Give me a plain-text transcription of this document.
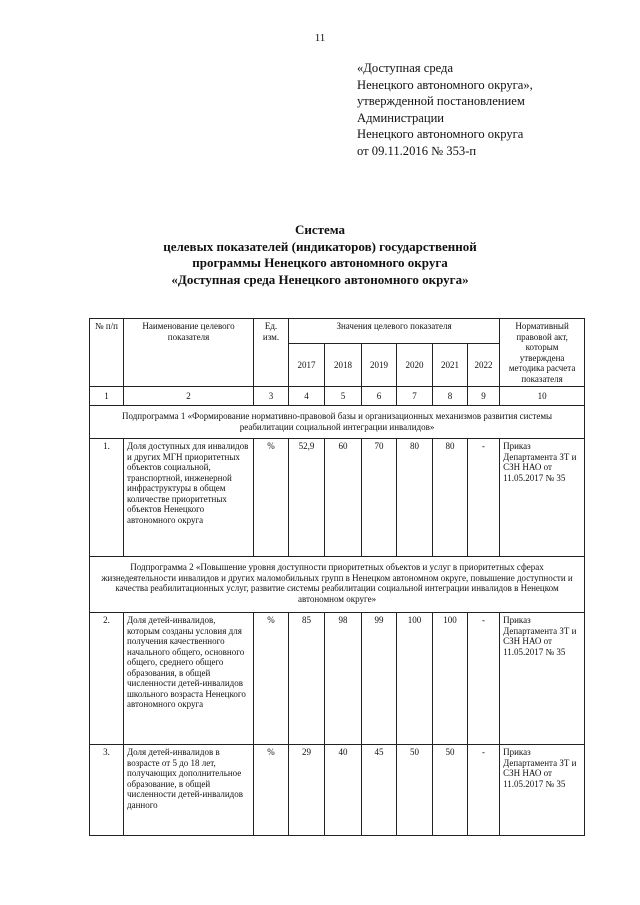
11
«Доступная среда
Ненецкого автономного округа»,
утвержденной постановлением
Администрации
Ненецкого автономного округа
от 09.11.2016 № 353-п
Система
целевых показателей (индикаторов) государственной
программы Ненецкого автономного округа
«Доступная среда Ненецкого автономного округа»
№ п/п	Наименование целевого показателя	Ед. изм.	Значения целевого показателя						Нормативный правовой акт, которым утверждена методика расчета показателя
			2017	2018	2019	2020	2021	2022	
1	2	3	4	5	6	7	8	9	10
Подпрограмма 1 «Формирование нормативно-правовой базы и организационных механизмов развития системы реабилитации социальной интеграции инвалидов»									
1.	Доля доступных для инвалидов и других МГН приоритетных объектов социальной, транспортной, инженерной инфраструктуры в общем количестве приоритетных объектов Ненецкого автономного округа	%	52,9	60	70	80	80	-	Приказ Департамента ЗТ и СЗН НАО от 11.05.2017 № 35
Подпрограмма 2 «Повышение уровня доступности приоритетных объектов и услуг в приоритетных сферах жизнедеятельности инвалидов и других маломобильных групп в Ненецком автономном округе, повышение доступности и качества реабилитационных услуг, развитие системы реабилитации социальной интеграции инвалидов в Ненецком автономном округе»									
2.	Доля детей-инвалидов, которым созданы условия для получения качественного начального общего, основного общего, среднего общего образования, в общей численности детей-инвалидов школьного возраста Ненецкого автономного округа	%	85	98	99	100	100	-	Приказ Департамента ЗТ и СЗН НАО от 11.05.2017 № 35
3.	Доля детей-инвалидов в возрасте от 5 до 18 лет, получающих дополнительное образование, в общей численности детей-инвалидов данного	%	29	40	45	50	50	-	Приказ Департамента ЗТ и СЗН НАО от 11.05.2017 № 35
